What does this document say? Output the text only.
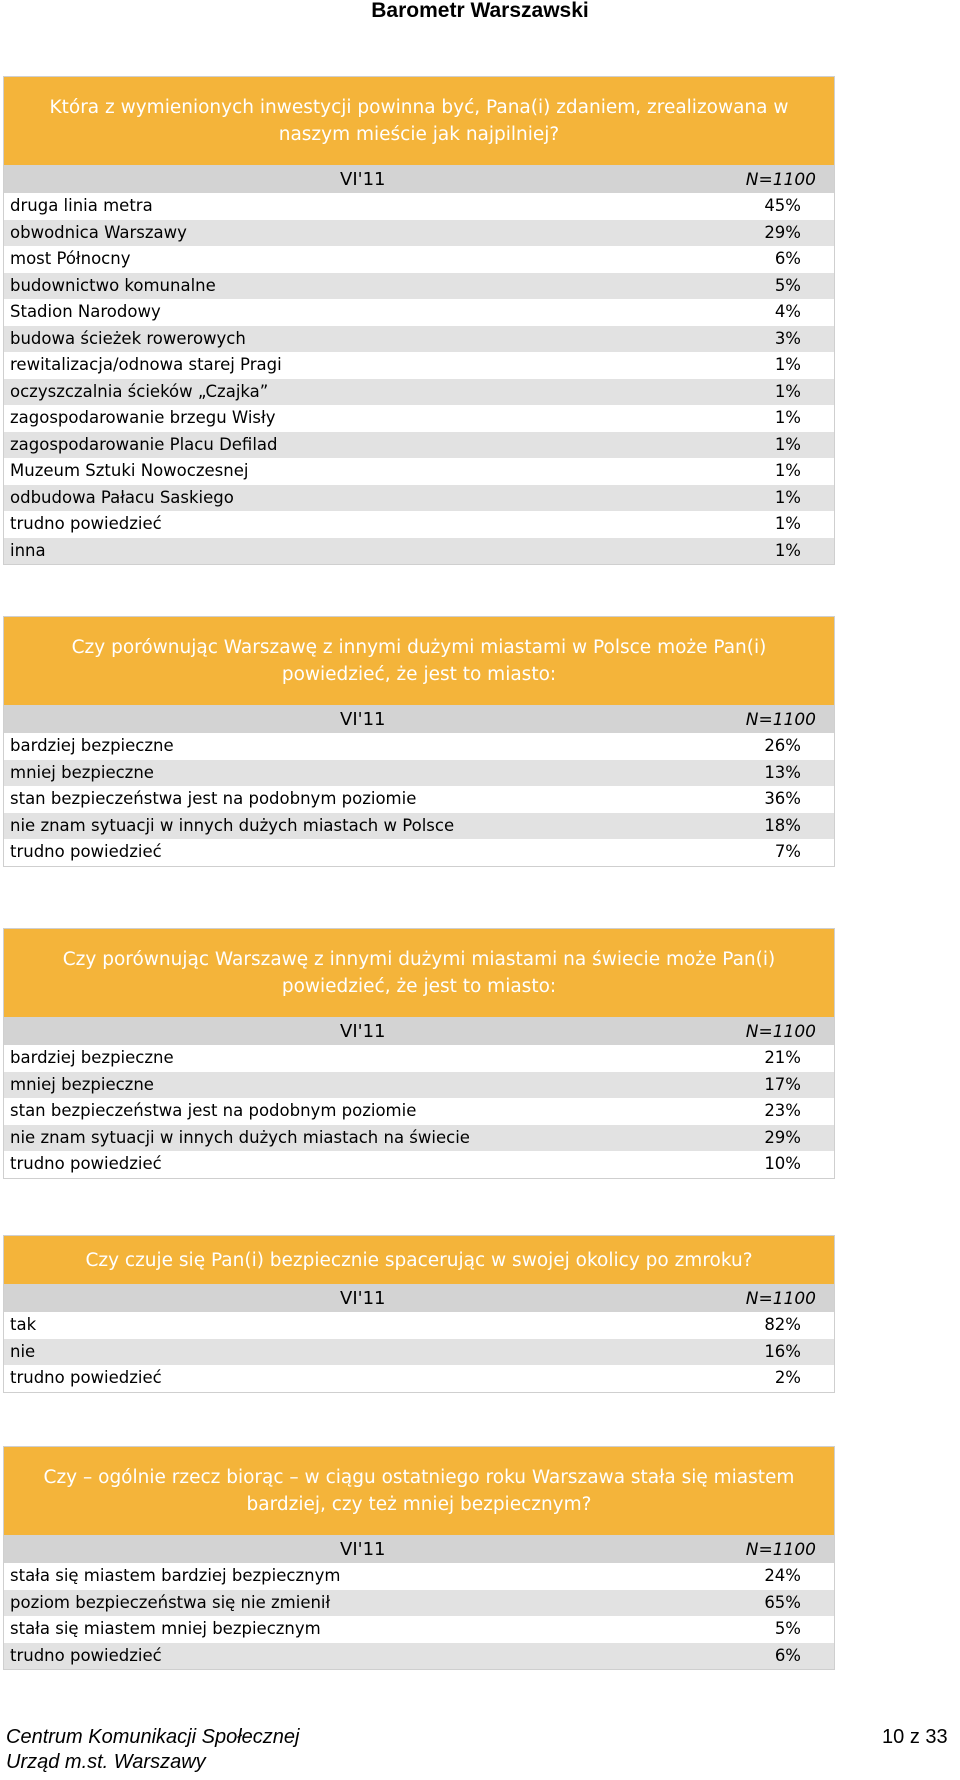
Barometr Warszawski
Która z wymienionych inwestycji powinna być, Pana(i) zdaniem, zrealizowana w naszym mieście jak najpilniej?
VI'11	N=1100
druga linia metra	45%
obwodnica Warszawy	29%
most Północny	6%
budownictwo komunalne	5%
Stadion Narodowy	4%
budowa ścieżek rowerowych	3%
rewitalizacja/odnowa starej Pragi	1%
oczyszczalnia ścieków „Czajka”	1%
zagospodarowanie brzegu Wisły	1%
zagospodarowanie Placu Defilad	1%
Muzeum Sztuki Nowoczesnej	1%
odbudowa Pałacu Saskiego	1%
trudno powiedzieć	1%
inna	1%
Czy porównując Warszawę z innymi dużymi miastami w Polsce może Pan(i) powiedzieć, że jest to miasto:
VI'11	N=1100
bardziej bezpieczne	26%
mniej bezpieczne	13%
stan bezpieczeństwa jest na podobnym poziomie	36%
nie znam sytuacji w innych dużych miastach w Polsce	18%
trudno powiedzieć	7%
Czy porównując Warszawę z innymi dużymi miastami na świecie może Pan(i) powiedzieć, że jest to miasto:
VI'11	N=1100
bardziej bezpieczne	21%
mniej bezpieczne	17%
stan bezpieczeństwa jest na podobnym poziomie	23%
nie znam sytuacji w innych dużych miastach na świecie	29%
trudno powiedzieć	10%
Czy czuje się Pan(i) bezpiecznie spacerując w swojej okolicy po zmroku?
VI'11	N=1100
tak	82%
nie	16%
trudno powiedzieć	2%
Czy – ogólnie rzecz biorąc – w ciągu ostatniego roku Warszawa stała się miastem bardziej, czy też mniej bezpiecznym?
VI'11	N=1100
stała się miastem bardziej bezpiecznym	24%
poziom bezpieczeństwa się nie zmienił	65%
stała się miastem mniej bezpiecznym	5%
trudno powiedzieć	6%
Centrum Komunikacji Społecznej
Urząd m.st. Warszawy
10 z 33
